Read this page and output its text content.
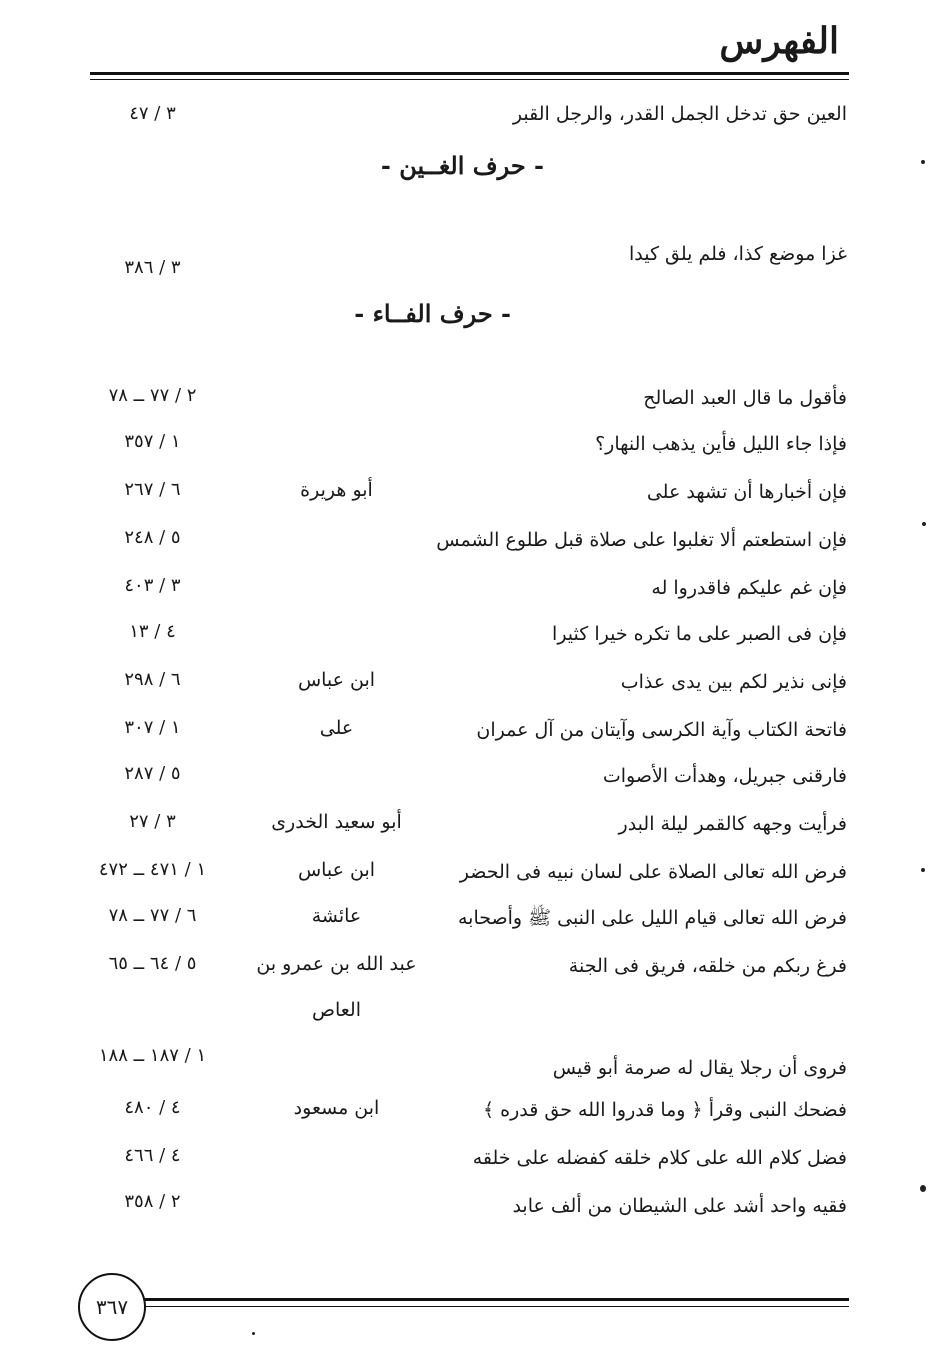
الفهرس
العين حق تدخل الجمل القدر، والرجل القبر
٣ / ٤٧
- حرف الغــين -
غزا موضع كذا، فلم يلق كيدا
٣ / ٣٨٦
- حرف الفــاء -
فأقول ما قال العبد الصالح
٢ / ٧٧ ــ ٧٨
فإذا جاء الليل فأين يذهب النهار؟
١ / ٣٥٧
فإن أخبارها أن تشهد على
أبو هريرة
٦ / ٢٦٧
فإن استطعتم ألا تغلبوا على صلاة قبل طلوع الشمس
٥ / ٢٤٨
فإن غم عليكم فاقدروا له
٣ / ٤٠٣
فإن فى الصبر على ما تكره خيرا كثيرا
٤ / ١٣
فإنى نذير لكم بين يدى عذاب
ابن عباس
٦ / ٢٩٨
فاتحة الكتاب وآية الكرسى وآيتان من آل عمران
على
١ / ٣٠٧
فارقنى جبريل، وهدأت الأصوات
٥ / ٢٨٧
فرأيت وجهه كالقمر ليلة البدر
أبو سعيد الخدرى
٣ / ٢٧
فرض الله تعالى الصلاة على لسان نبيه فى الحضر
ابن عباس
١ / ٤٧١ ــ ٤٧٢
فرض الله تعالى قيام الليل على النبى ﷺ وأصحابه
عائشة
٦ / ٧٧ ــ ٧٨
فرغ ربكم من خلقه، فريق فى الجنة
عبد الله بن عمرو بن
العاص
٥ / ٦٤ ــ ٦٥
فروى أن رجلا يقال له صرمة أبو قيس
١ / ١٨٧ ــ ١٨٨
فضحك النبى وقرأ ﴿ وما قدروا الله حق قدره ﴾
ابن مسعود
٤ / ٤٨٠
فضل كلام الله على كلام خلقه كفضله على خلقه
٤ / ٤٦٦
فقيه واحد أشد على الشيطان من ألف عابد
٢ / ٣٥٨
٣٦٧
